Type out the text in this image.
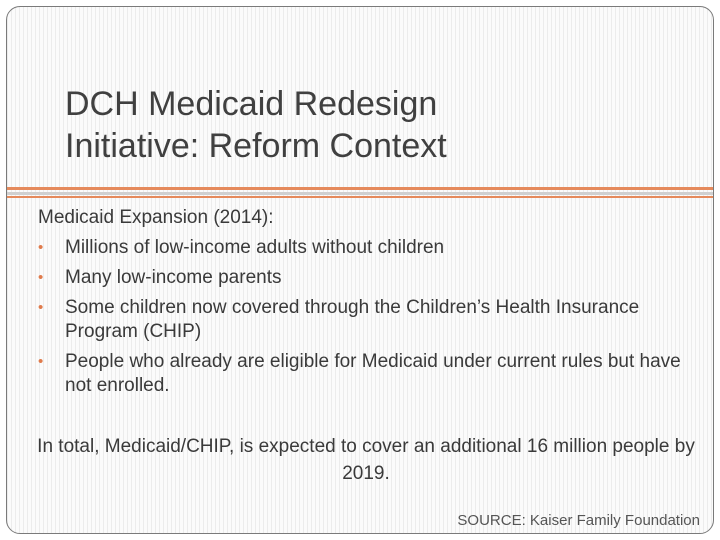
DCH Medicaid Redesign
Initiative: Reform Context
Medicaid Expansion (2014):
•	Millions of low-income adults without children
•	Many low-income parents
•	Some children now covered through the Children’s Health Insurance Program (CHIP)
•	People who already are eligible for Medicaid under current rules but have not enrolled.
In total, Medicaid/CHIP, is expected to cover an additional 16 million people by 2019.
SOURCE: Kaiser Family Foundation
